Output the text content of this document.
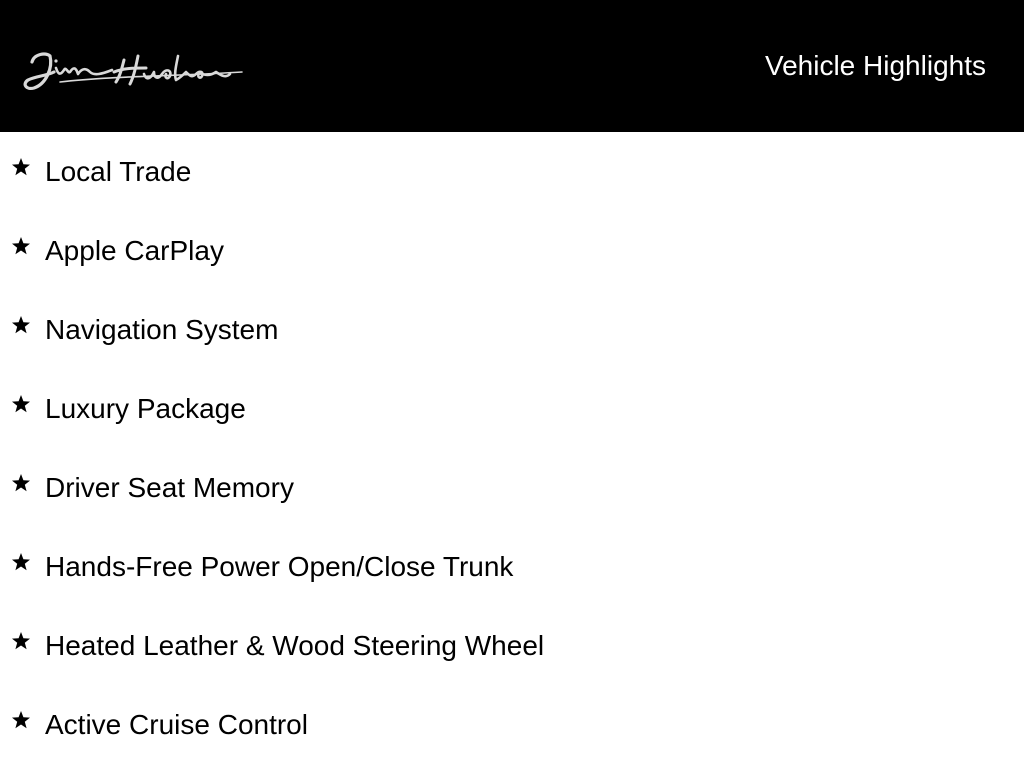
Vehicle Highlights
Local Trade
Apple CarPlay
Navigation System
Luxury Package
Driver Seat Memory
Hands-Free Power Open/Close Trunk
Heated Leather & Wood Steering Wheel
Active Cruise Control
